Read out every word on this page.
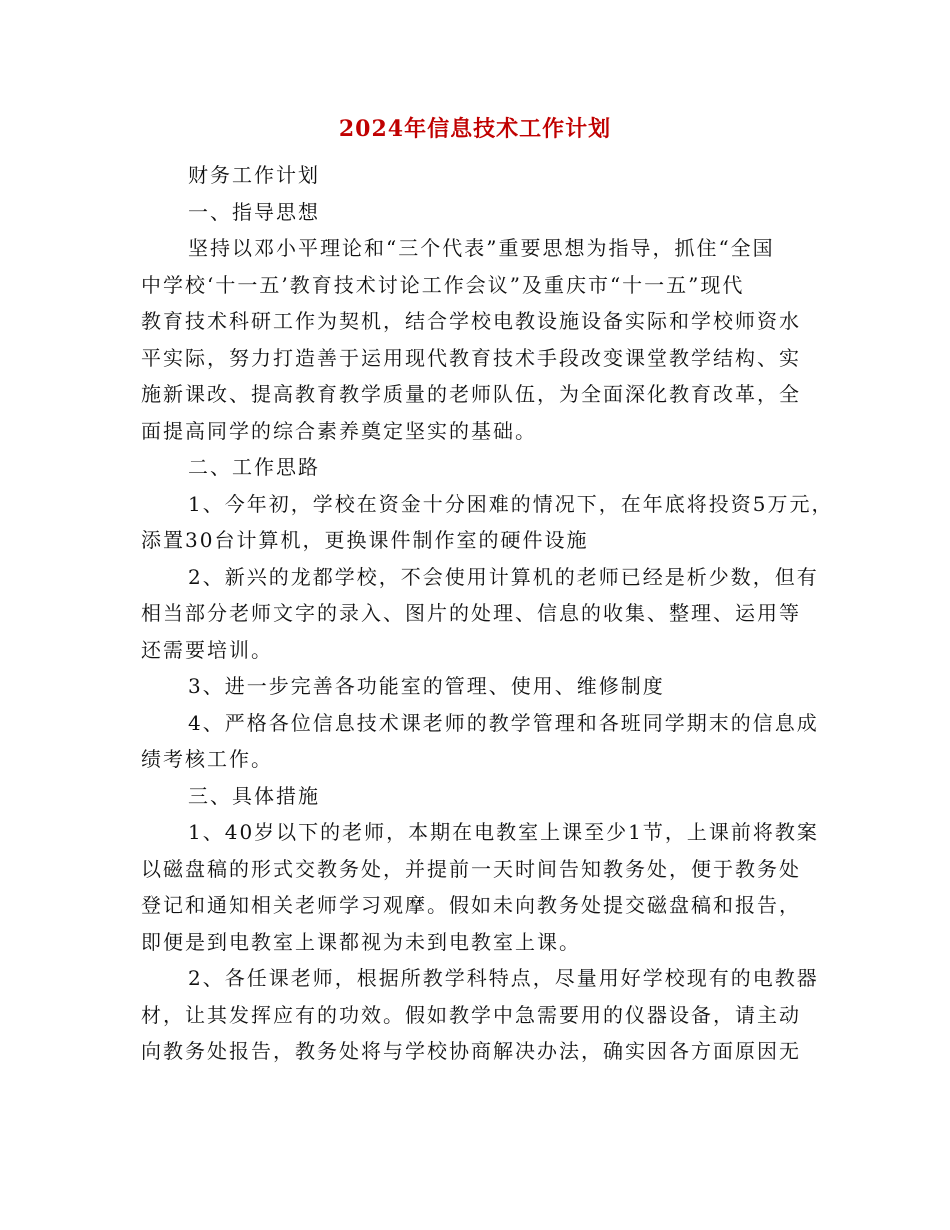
2024年信息技术工作计划
财务工作计划
一、指导思想
坚持以邓小平理论和“三个代表”重要思想为指导，抓住“全国
中学校‘十一五’教育技术讨论工作会议”及重庆市“十一五”现代
教育技术科研工作为契机，结合学校电教设施设备实际和学校师资水
平实际，努力打造善于运用现代教育技术手段改变课堂教学结构、实
施新课改、提高教育教学质量的老师队伍，为全面深化教育改革，全
面提高同学的综合素养奠定坚实的基础。
二、工作思路
1、今年初，学校在资金十分困难的情况下，在年底将投资5万元，
添置30台计算机，更换课件制作室的硬件设施
2、新兴的龙都学校，不会使用计算机的老师已经是析少数，但有
相当部分老师文字的录入、图片的处理、信息的收集、整理、运用等
还需要培训。
3、进一步完善各功能室的管理、使用、维修制度
4、严格各位信息技术课老师的教学管理和各班同学期末的信息成
绩考核工作。
三、具体措施
1、40岁以下的老师，本期在电教室上课至少1节，上课前将教案
以磁盘稿的形式交教务处，并提前一天时间告知教务处，便于教务处
登记和通知相关老师学习观摩。假如未向教务处提交磁盘稿和报告，
即便是到电教室上课都视为未到电教室上课。
2、各任课老师，根据所教学科特点，尽量用好学校现有的电教器
材，让其发挥应有的功效。假如教学中急需要用的仪器设备，请主动
向教务处报告，教务处将与学校协商解决办法，确实因各方面原因无
